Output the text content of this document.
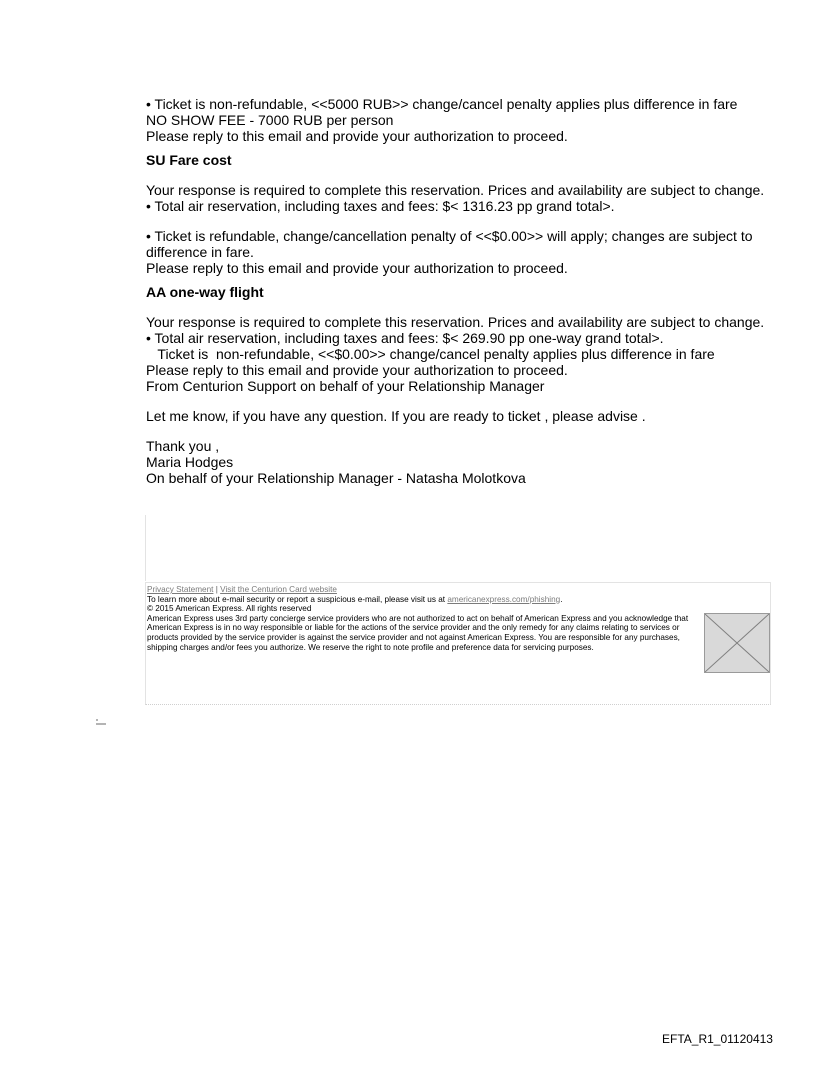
• Ticket is non-refundable, <<5000 RUB>> change/cancel penalty applies plus difference in fare
NO SHOW FEE - 7000 RUB per person
Please reply to this email and provide your authorization to proceed.
SU Fare cost
Your response is required to complete this reservation. Prices and availability are subject to change.
• Total air reservation, including taxes and fees: $< 1316.23 pp grand total>.
• Ticket is refundable, change/cancellation penalty of <<$0.00>> will apply; changes are subject to
difference in fare.
Please reply to this email and provide your authorization to proceed.
AA one-way flight
Your response is required to complete this reservation. Prices and availability are subject to change.
• Total air reservation, including taxes and fees: $< 269.90 pp one-way grand total>.
Ticket is  non-refundable, <<$0.00>> change/cancel penalty applies plus difference in fare
Please reply to this email and provide your authorization to proceed.
From Centurion Support on behalf of your Relationship Manager
Let me know, if you have any question. If you are ready to ticket , please advise .
Thank you ,
Maria Hodges
On behalf of your Relationship Manager - Natasha Molotkova
Privacy Statement | Visit the Centurion Card website
To learn more about e-mail security or report a suspicious e-mail, please visit us at americanexpress.com/phishing.
© 2015 American Express. All rights reserved
American Express uses 3rd party concierge service providers who are not authorized to act on behalf of American Express and you acknowledge that American Express is in no way responsible or liable for the actions of the service provider and the only remedy for any claims relating to services or products provided by the service provider is against the service provider and not against American Express. You are responsible for any purchases, shipping charges and/or fees you authorize. We reserve the right to note profile and preference data for servicing purposes.
EFTA_R1_01120413
